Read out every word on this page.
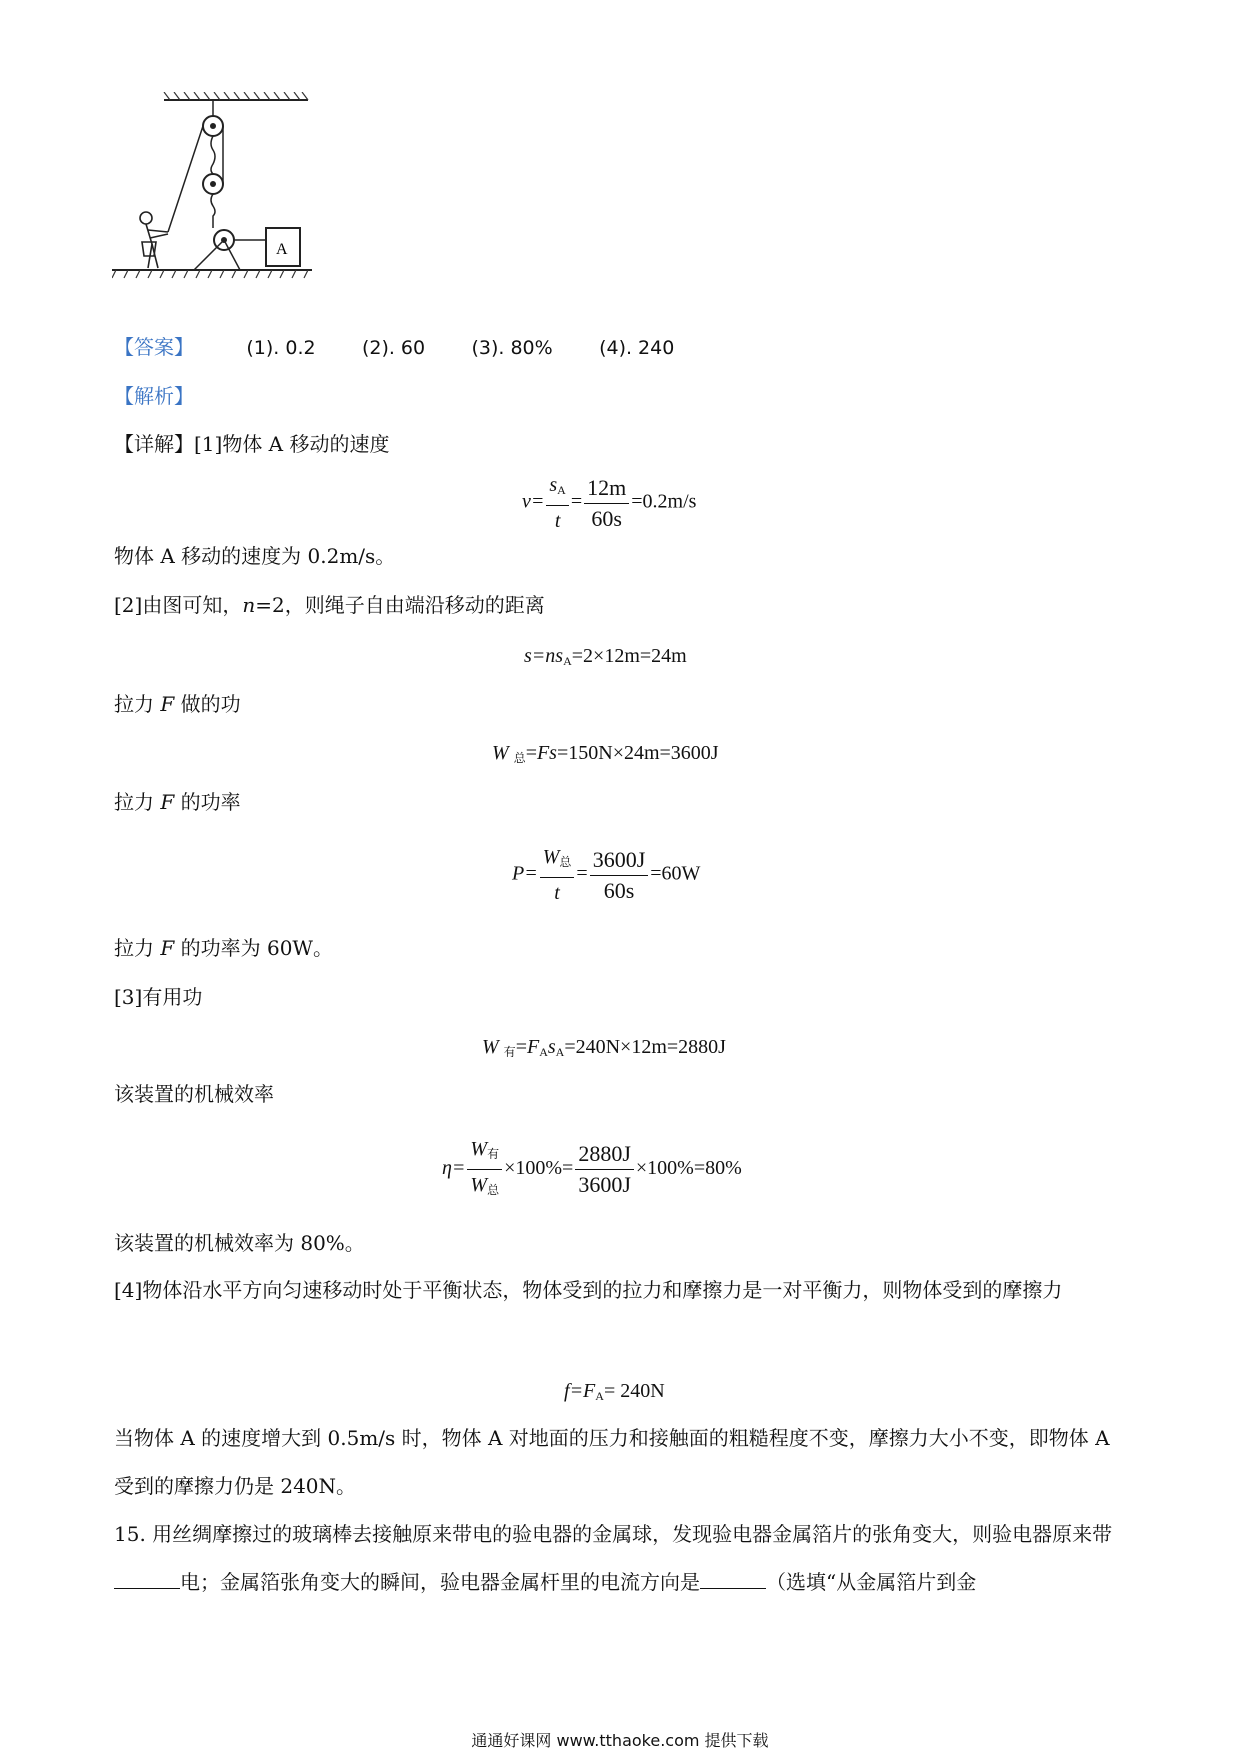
A
【答案】	(1). 0.2 (2). 60 (3). 80% (4). 240
【解析】
【详解】[1]物体 A 移动的速度
$v= \frac{s_A}{t} = \frac{12m}{60s} =0.2m/s$
物体 A 移动的速度为 0.2m/s。
[2]由图可知，n=2，则绳子自由端沿移动的距离
$s=ns_A=2\times 12m=24m$
拉力 F 做的功
W $_总$=Fs=150N×24m=3600J
拉力 F 的功率
$P= \frac{W_总}{t} = \frac{3600J}{60s} =60W$
拉力 F 的功率为 60W。
[3]有用功
W $_有=F_As_A=240N\times 12m=2880J$
该装置的机械效率
$\eta= \frac{W_有}{W_总} \times 100\%= \frac{2880J}{3600J} \times 100\%=80\%$
该装置的机械效率为 80%。
[4]物体沿水平方向匀速移动时处于平衡状态，物体受到的拉力和摩擦力是一对平衡力，则物体受到的摩擦力
$f=F_A= 240N$
当物体 A 的速度增大到 0.5m/s 时，物体 A 对地面的压力和接触面的粗糙程度不变，摩擦力大小不变，即物体 A 受到的摩擦力仍是 240N。
15. 用丝绸摩擦过的玻璃棒去接触原来带电的验电器的金属球，发现验电器金属箔片的张角变大，则验电器原来带电；金属箔张角变大的瞬间，验电器金属杆里的电流方向是	（选填“从金属箔片到金
通通好课网 www.tthaoke.com 提供下载
